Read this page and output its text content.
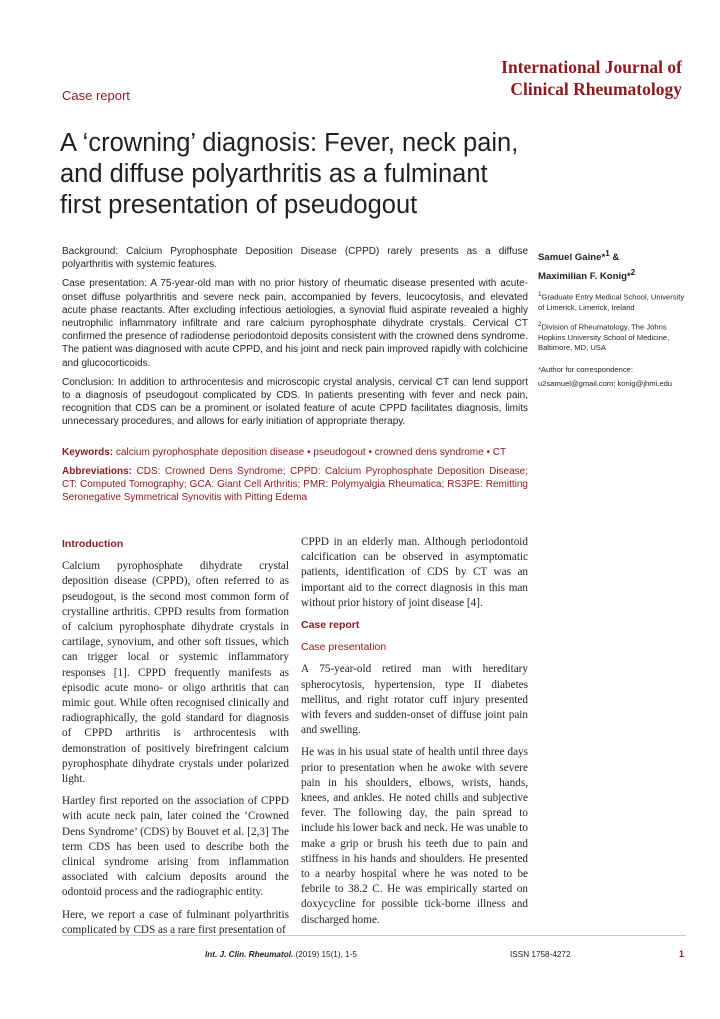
International Journal of
Clinical Rheumatology
Case report
A ‘crowning’ diagnosis: Fever, neck pain, and diffuse polyarthritis as a fulminant first presentation of pseudogout

Background: Calcium Pyrophosphate Deposition Disease (CPPD) rarely presents as a diffuse polyarthritis with systemic features.

Case presentation: A 75-year-old man with no prior history of rheumatic disease presented with acute-onset diffuse polyarthritis and severe neck pain, accompanied by fevers, leucocytosis, and elevated acute phase reactants. After excluding infectious aetiologies, a synovial fluid aspirate revealed a highly neutrophilic inflammatory infiltrate and rare calcium pyrophosphate dihydrate crystals. Cervical CT confirmed the presence of radiodense periodontoid deposits consistent with the crowned dens syndrome. The patient was diagnosed with acute CPPD, and his joint and neck pain improved rapidly with colchicine and glucocorticoids.

Conclusion: In addition to arthrocentesis and microscopic crystal analysis, cervical CT can lend support to a diagnosis of pseudogout complicated by CDS. In patients presenting with fever and neck pain, recognition that CDS can be a prominent or isolated feature of acute CPPD facilitates diagnosis, limits unnecessary procedures, and allows for early initiation of appropriate therapy.

Samuel Gaine*$^1$ &
Maximilian F. Konig*$^2$
$^1$Graduate Entry Medical School, University of Limerick, Limerick, Ireland
$^2$Division of Rheumatology, The Johns Hopkins University School of Medicine, Baltimore, MD, USA
*Author for correspondence:
u2samuel@gmail.com; konig@jhmi.edu
Keywords: calcium pyrophosphate deposition disease • pseudogout • crowned dens syndrome • CT
Abbreviations: CDS: Crowned Dens Syndrome; CPPD: Calcium Pyrophosphate Deposition Disease; CT: Computed Tomography; GCA: Giant Cell Arthritis; PMR: Polymyalgia Rheumatica; RS3PE: Remitting Seronegative Symmetrical Synovitis with Pitting Edema
Introduction

Calcium pyrophosphate dihydrate crystal deposition disease (CPPD), often referred to as pseudogout, is the second most common form of crystalline arthritis. CPPD results from formation of calcium pyrophosphate dihydrate crystals in cartilage, synovium, and other soft tissues, which can trigger local or systemic inflammatory responses [1]. CPPD frequently manifests as episodic acute mono- or oligo arthritis that can mimic gout. While often recognised clinically and radiographically, the gold standard for diagnosis of CPPD arthritis is arthrocentesis with demonstration of positively birefringent calcium pyrophosphate dihydrate crystals under polarized light.

Hartley first reported on the association of CPPD with acute neck pain, later coined the ‘Crowned Dens Syndrome’ (CDS) by Bouvet et al. [2,3] The term CDS has been used to describe both the clinical syndrome arising from inflammation associated with calcium deposits around the odontoid process and the radiographic entity.

Here, we report a case of fulminant polyarthritis complicated by CDS as a rare first presentation of

CPPD in an elderly man. Although periodontoid calcification can be observed in asymptomatic patients, identification of CDS by CT was an important aid to the correct diagnosis in this man without prior history of joint disease [4].

Case report
Case presentation

A 75-year-old retired man with hereditary spherocytosis, hypertension, type II diabetes mellitus, and right rotator cuff injury presented with fevers and sudden-onset of diffuse joint pain and swelling.

He was in his usual state of health until three days prior to presentation when he awoke with severe pain in his shoulders, elbows, wrists, hands, knees, and ankles. He noted chills and subjective fever. The following day, the pain spread to include his lower back and neck. He was unable to make a grip or brush his teeth due to pain and stiffness in his hands and shoulders. He presented to a nearby hospital where he was noted to be febrile to 38.2 C. He was empirically started on doxycycline for possible tick-borne illness and discharged home.

Int. J. Clin. Rheumatol. (2019) 15(1), 1-5	ISSN 1758-4272	1
